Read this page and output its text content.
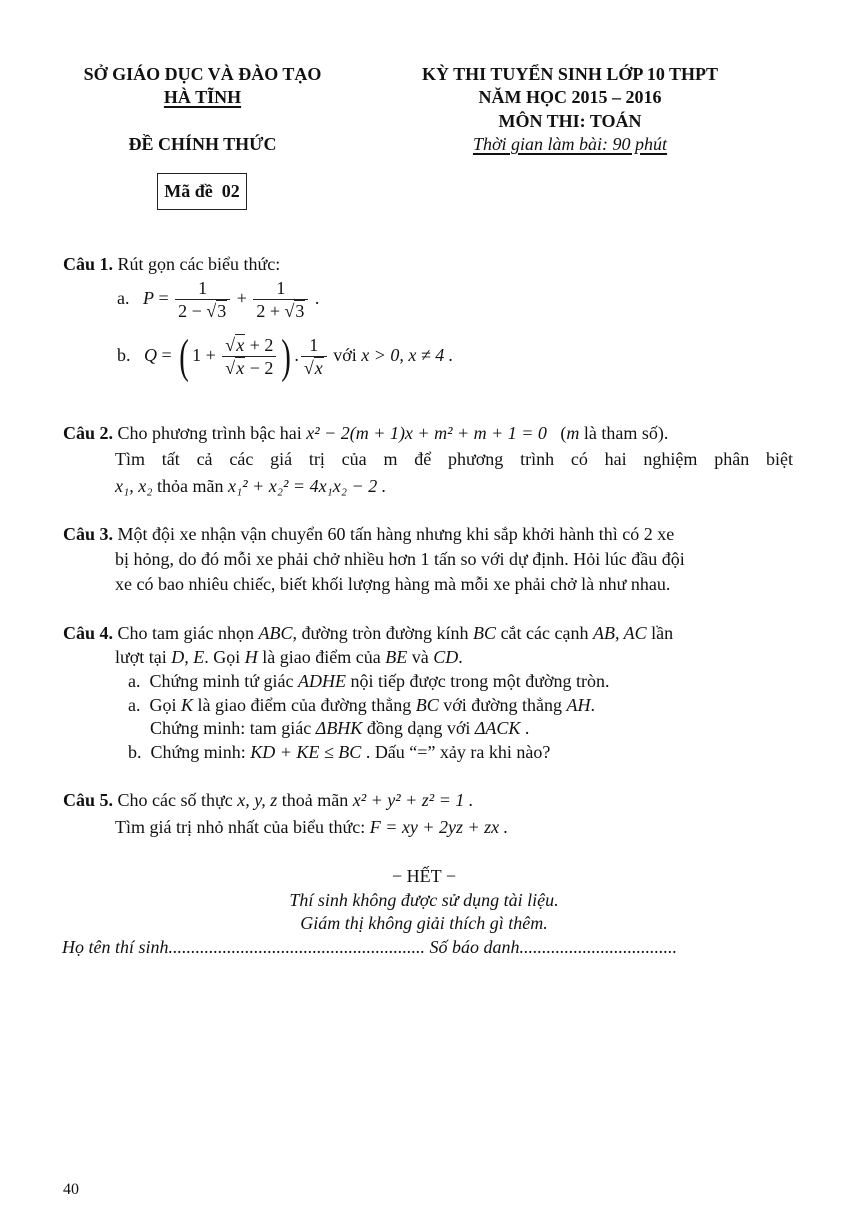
SỞ GIÁO DỤC VÀ ĐÀO TẠO
HÀ TĨNH
ĐỀ CHÍNH THỨC
Mã đề  02
KỲ THI TUYỂN SINH LỚP 10 THPT
NĂM HỌC 2015 – 2016
MÔN THI: TOÁN
Thời gian làm bài: 90 phút
Câu 1. Rút gọn các biểu thức:
a. $P = \frac{1}{2 - √3} + \frac{1}{2 + √3}$ .
b. Q = ( $1 + \frac{√x + 2}{√x - 2}$ ) . $\frac{1}{√x}$ với x > 0, x ≠ 4 .
Câu 2. Cho phương trình bậc hai x² − 2(m + 1)x + m² + m + 1 = 0 (m là tham số).
Tìm tất cả các giá trị của m để phương trình có hai nghiệm phân biệt
x₁, x₂ thỏa mãn x₁² + x₂² = 4x₁x₂ − 2 .
Câu 3. Một đội xe nhận vận chuyển 60 tấn hàng nhưng khi sắp khởi hành thì có 2 xe
bị hỏng, do đó mỗi xe phải chở nhiều hơn 1 tấn so với dự định. Hỏi lúc đầu đội
xe có bao nhiêu chiếc, biết khối lượng hàng mà mỗi xe phải chở là như nhau.
Câu 4. Cho tam giác nhọn ABC, đường tròn đường kính BC cắt các cạnh AB, AC lần
lượt tại D, E. Gọi H là giao điểm của BE và CD.
a. Chứng minh tứ giác ADHE nội tiếp được trong một đường tròn.
a. Gọi K là giao điểm của đường thẳng BC với đường thẳng AH.
Chứng minh: tam giác ΔBHK đồng dạng với ΔACK .
b. Chứng minh: KD + KE ≤ BC . Dấu “=” xảy ra khi nào?
Câu 5. Cho các số thực x, y, z thoả mãn x² + y² + z² = 1 .
Tìm giá trị nhỏ nhất của biểu thức: F = xy + 2yz + zx .
− HẾT −
Thí sinh không được sử dụng tài liệu.
Giám thị không giải thích gì thêm.
Họ tên thí sinh......................................................... Số báo danh...................................
40
